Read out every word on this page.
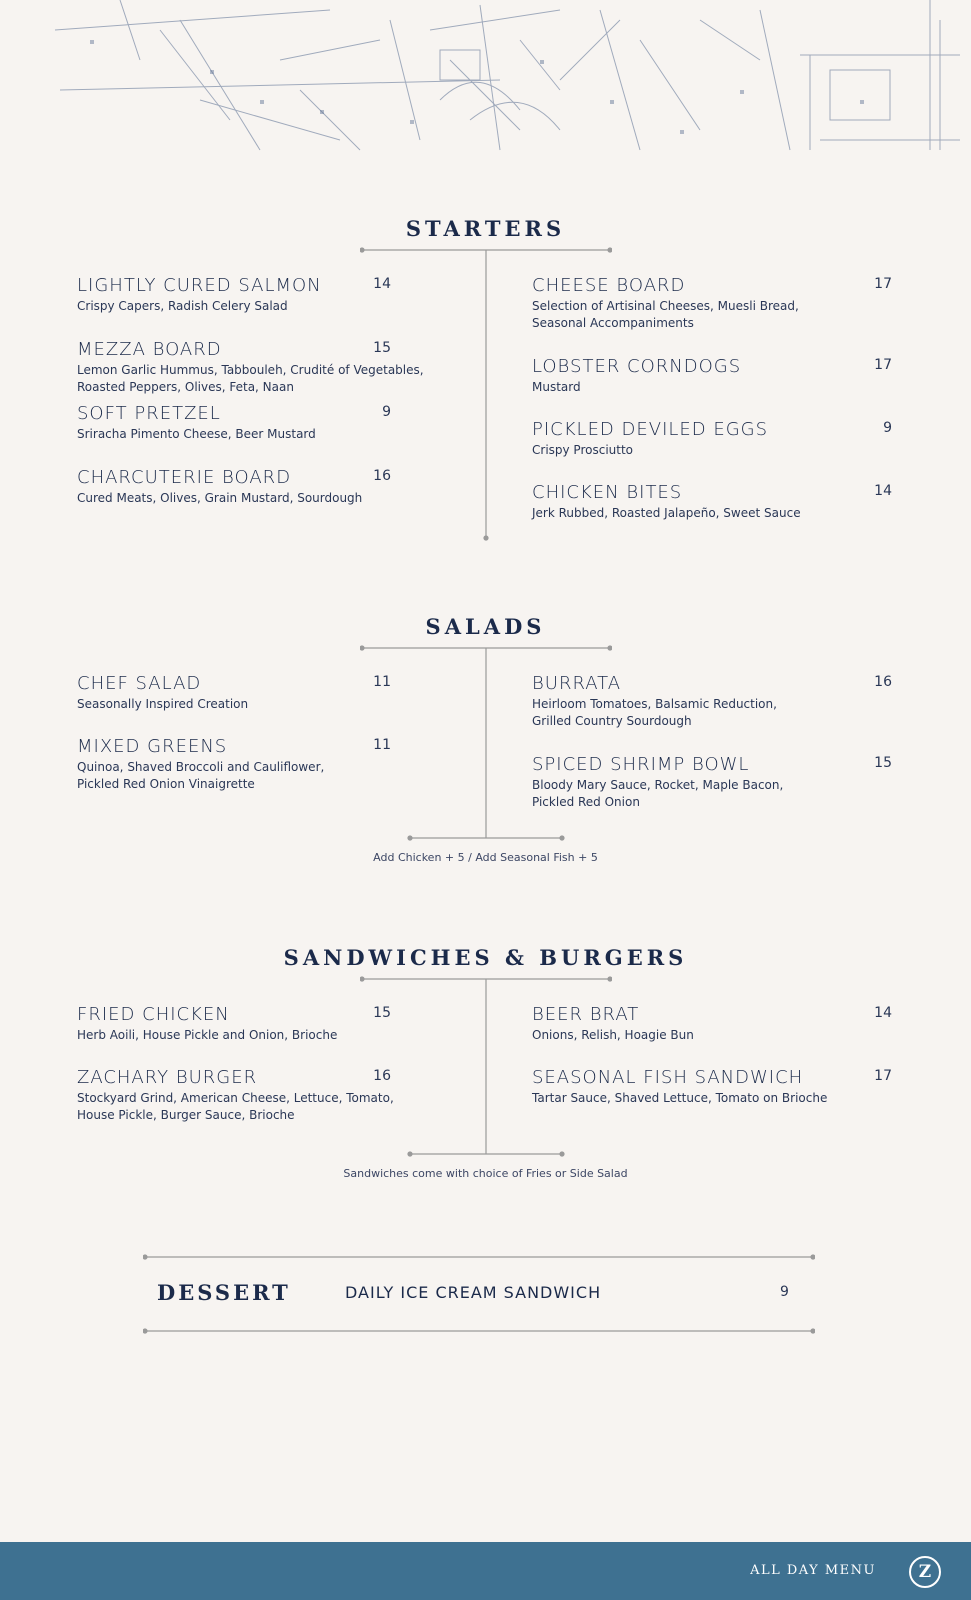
STARTERS
LIGHTLY CURED SALMON	14
Crispy Capers, Radish Celery Salad
MEZZA BOARD	15
Lemon Garlic Hummus, Tabbouleh, Crudité of Vegetables,
Roasted Peppers, Olives, Feta, Naan
SOFT PRETZEL	9
Sriracha Pimento Cheese, Beer Mustard
CHARCUTERIE BOARD	16
Cured Meats, Olives, Grain Mustard, Sourdough
CHEESE BOARD	17
Selection of Artisinal Cheeses, Muesli Bread,
Seasonal Accompaniments
LOBSTER CORNDOGS	17
Mustard
PICKLED DEVILED EGGS	9
Crispy Prosciutto
CHICKEN BITES	14
Jerk Rubbed, Roasted Jalapeño, Sweet Sauce
SALADS
CHEF SALAD	11
Seasonally Inspired Creation
MIXED GREENS	11
Quinoa, Shaved Broccoli and Cauliflower,
Pickled Red Onion Vinaigrette
BURRATA	16
Heirloom Tomatoes, Balsamic Reduction,
Grilled Country Sourdough
SPICED SHRIMP BOWL	15
Bloody Mary Sauce, Rocket, Maple Bacon,
Pickled Red Onion
Add Chicken + 5 / Add Seasonal Fish + 5
SANDWICHES & BURGERS
FRIED CHICKEN	15
Herb Aoili, House Pickle and Onion, Brioche
ZACHARY BURGER	16
Stockyard Grind, American Cheese, Lettuce, Tomato,
House Pickle, Burger Sauce, Brioche
BEER BRAT	14
Onions, Relish, Hoagie Bun
SEASONAL FISH SANDWICH	17
Tartar Sauce, Shaved Lettuce, Tomato on Brioche
Sandwiches come with choice of Fries or Side Salad
DESSERT	DAILY ICE CREAM SANDWICH	9
ALL DAY MENU	Z
